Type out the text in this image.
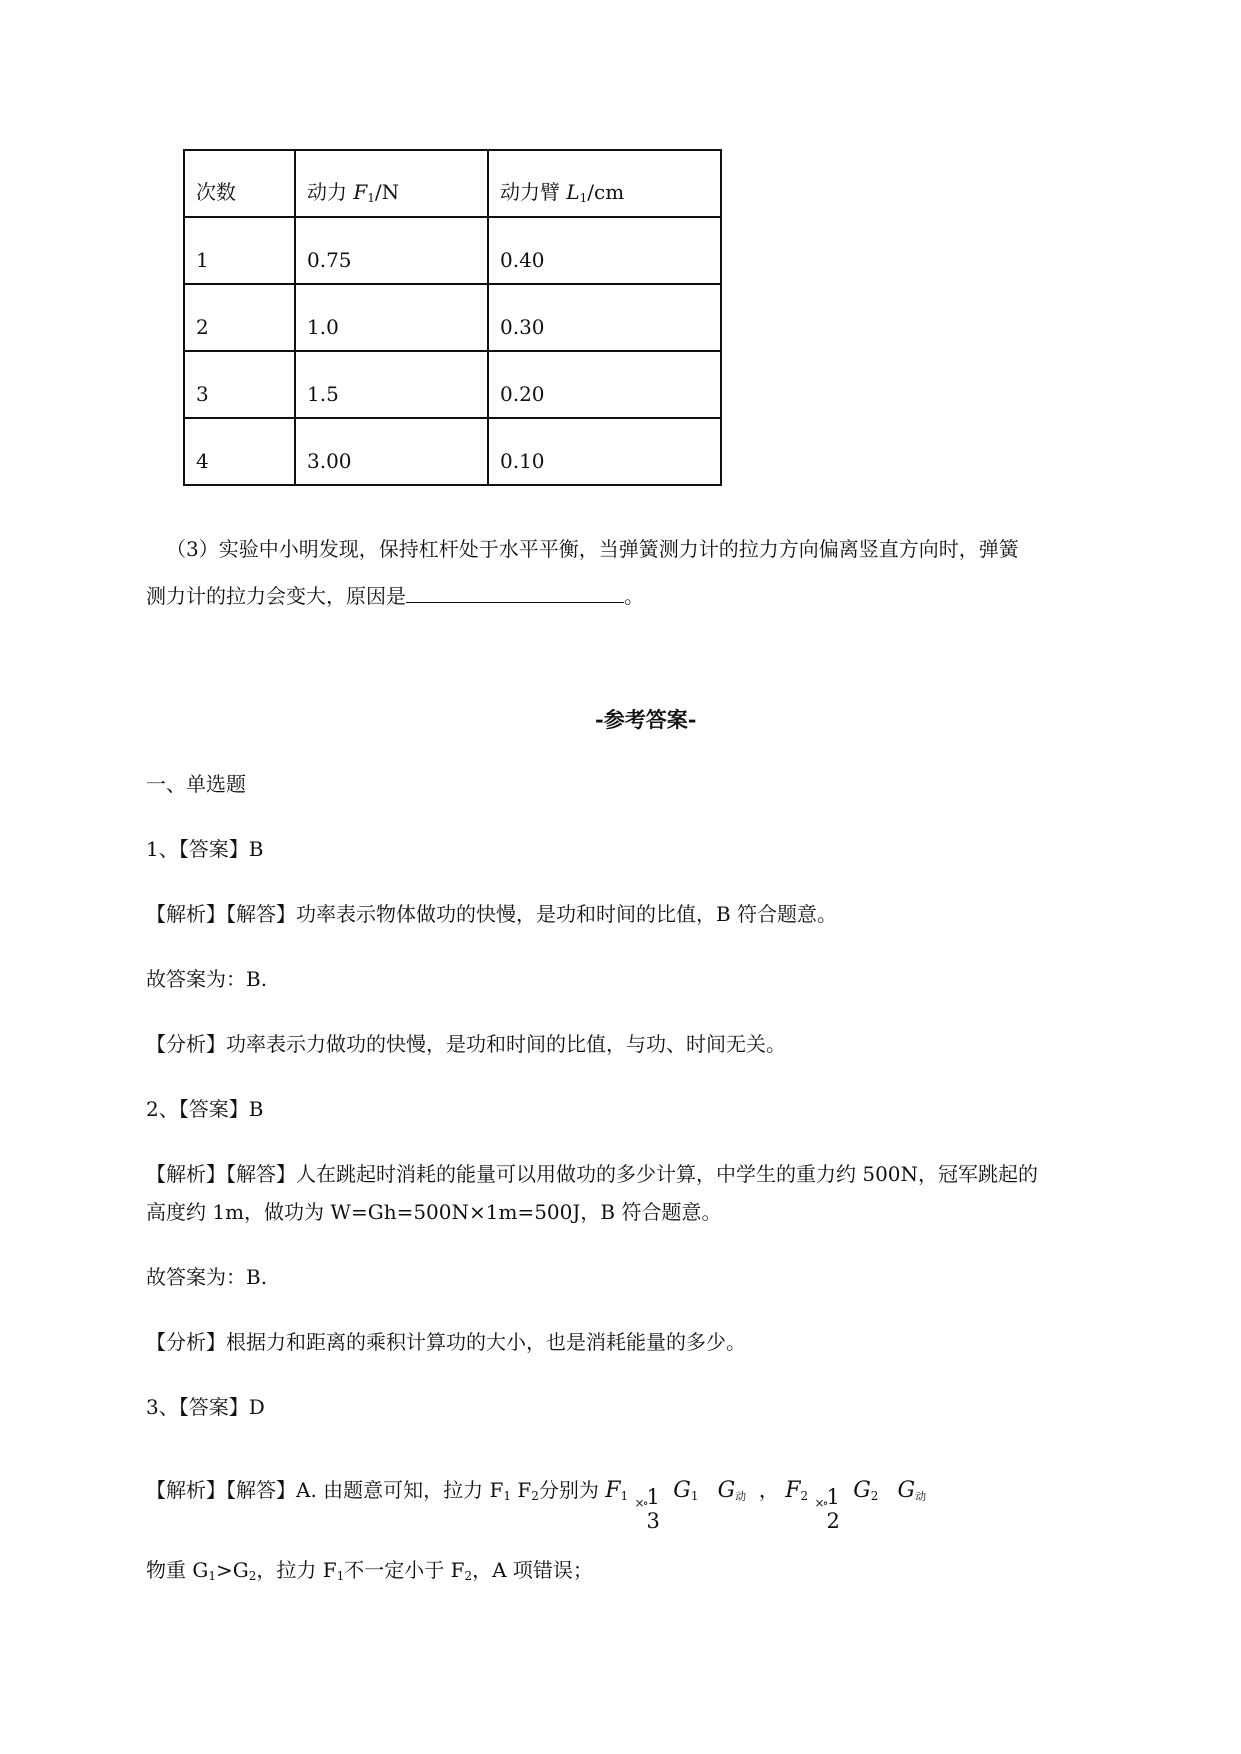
次数	动力 $F_1/N$	动力臂 $L_1/cm$
1	0.75	0.40
2	1.0	0.30
3	1.5	0.20
4	3.00	0.10
（3）实验中小明发现，保持杠杆处于水平平衡，当弹簧测力计的拉力方向偏离竖直方向时，弹簧
测力计的拉力会变大，原因是	。
-参考答案-
一、单选题
1、【答案】B
【解析】【解答】功率表示物体做功的快慢，是功和时间的比值，B 符合题意。
故答案为：B.
【分析】功率表示力做功的快慢，是功和时间的比值，与功、时间无关。
2、【答案】B
【解析】【解答】人在跳起时消耗的能量可以用做功的多少计算，中学生的重力约 500N，冠军跳起的
高度约 1m，做功为 W=Gh=500N×1m=500J，B 符合题意。
故答案为：B.
【分析】根据力和距离的乘积计算功的大小，也是消耗能量的多少。
3、【答案】D
【解析】【解答】A. 由题意可知，拉力 $F_1$ $F_2$分别为 $F_1$ ×∘ 1
3
$G_1$ $G_动$ ， $F_2$ ×∘ 1
2
$G_2$ $G_动$
物重 $G_1>G_2$，拉力 $F_1$不一定小于 $F_2$，A 项错误；
